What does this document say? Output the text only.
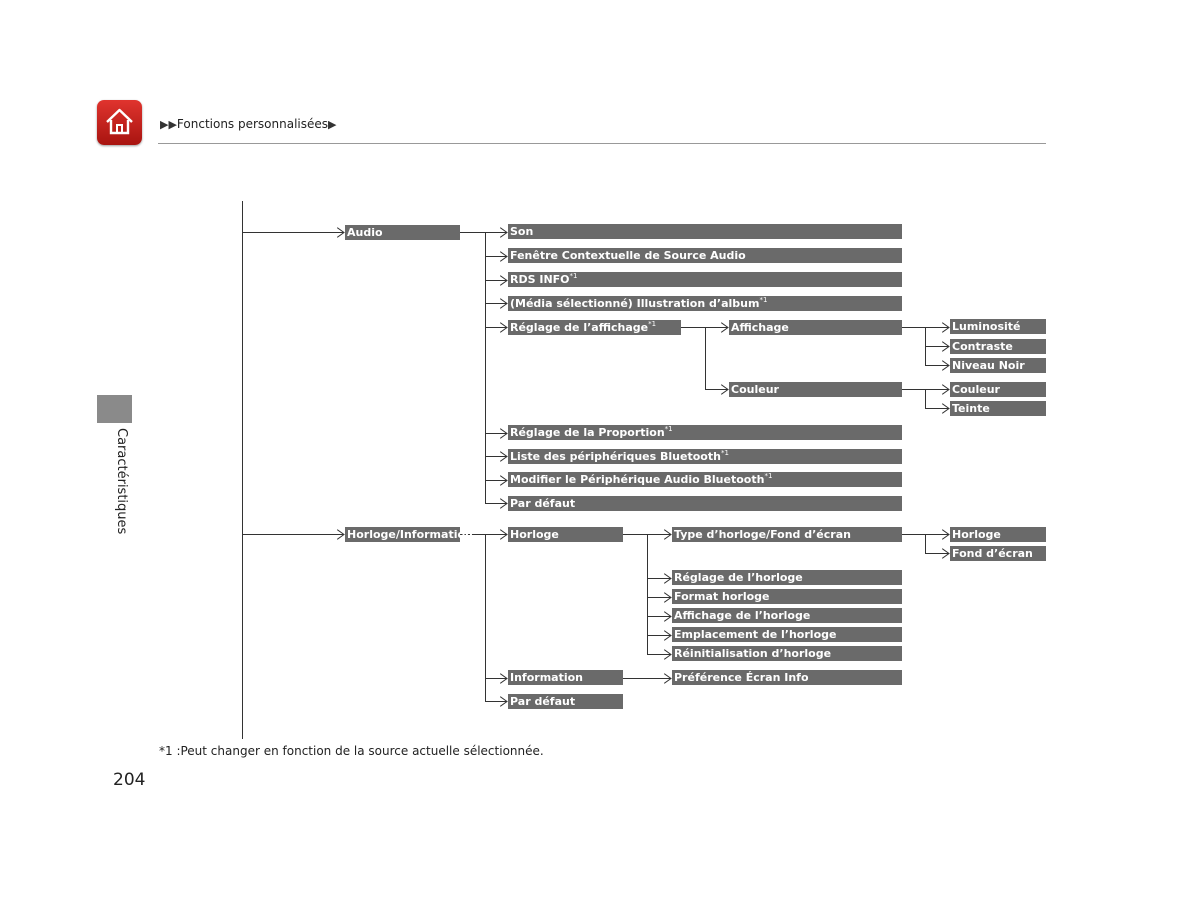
▶▶Fonctions personnalisées▶
Caractéristiques
Audio
Horloge/Information
Son
Fenêtre Contextuelle de Source Audio
RDS INFO$^{*1}$
(Média sélectionné) Illustration d’album$^{*1}$
Réglage de l’affichage$^{*1}$
Réglage de la Proportion$^{*1}$
Liste des périphériques Bluetooth$^{*1}$
Modifier le Périphérique Audio Bluetooth$^{*1}$
Par défaut
Affichage
Couleur
Luminosité
Contraste
Niveau Noir
Couleur
Teinte
Horloge
Information
Par défaut
Type d’horloge/Fond d’écran
Réglage de l’horloge
Format horloge
Affichage de l’horloge
Emplacement de l’horloge
Réinitialisation d’horloge
Préférence Écran Info
Horloge
Fond d’écran
*1 :Peut changer en fonction de la source actuelle sélectionnée.
204
